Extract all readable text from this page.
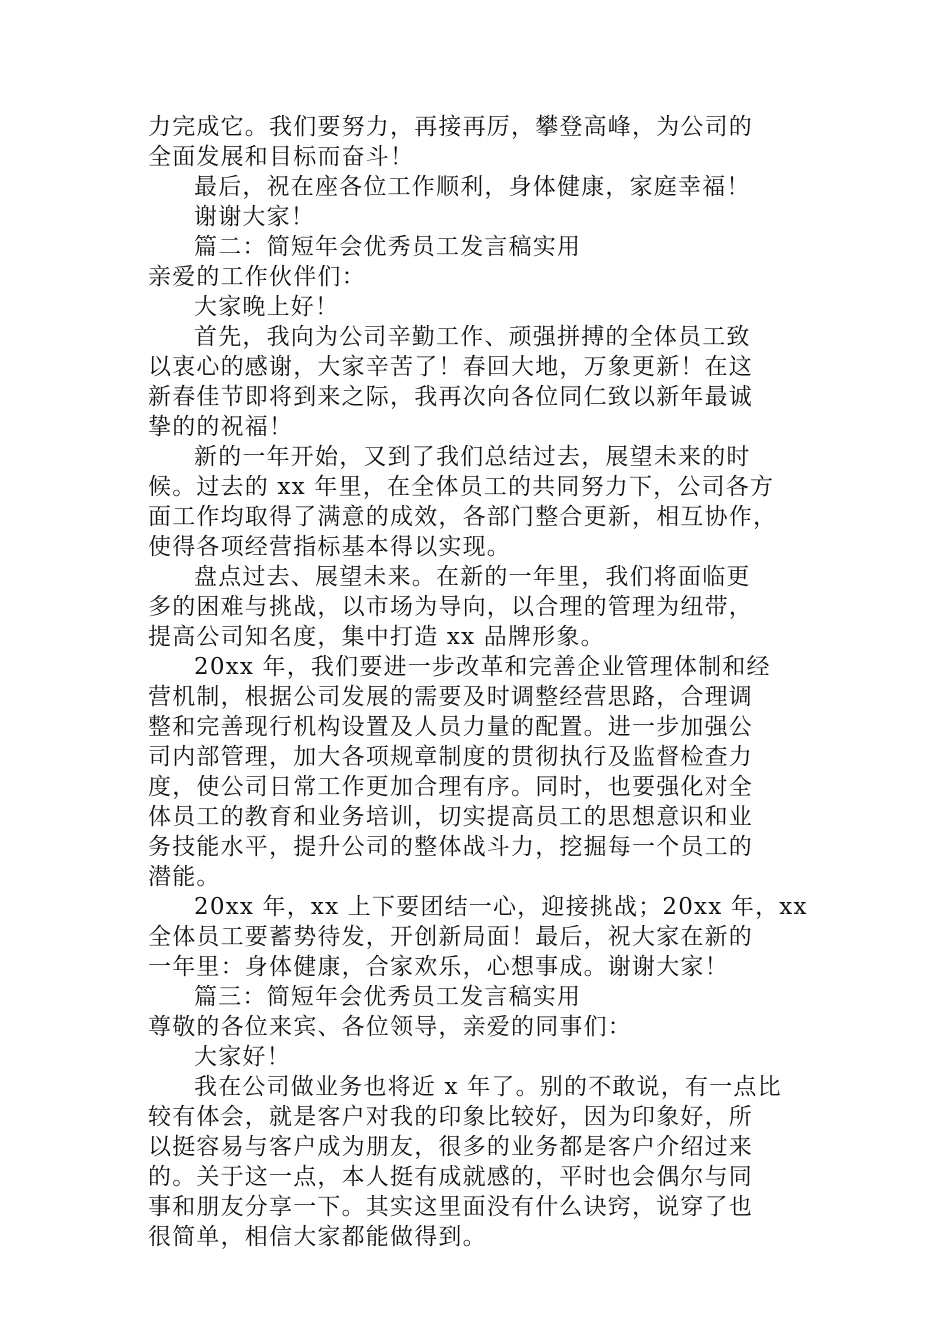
力完成它。我们要努力，再接再厉，攀登高峰，为公司的
全面发展和目标而奋斗！
最后，祝在座各位工作顺利，身体健康，家庭幸福！
谢谢大家！
篇二：简短年会优秀员工发言稿实用
亲爱的工作伙伴们：
大家晚上好！
首先，我向为公司辛勤工作、顽强拼搏的全体员工致
以衷心的感谢，大家辛苦了！春回大地，万象更新！在这
新春佳节即将到来之际，我再次向各位同仁致以新年最诚
挚的的祝福！
新的一年开始，又到了我们总结过去，展望未来的时
候。过去的 xx 年里，在全体员工的共同努力下，公司各方
面工作均取得了满意的成效，各部门整合更新，相互协作，
使得各项经营指标基本得以实现。
盘点过去、展望未来。在新的一年里，我们将面临更
多的困难与挑战，以市场为导向，以合理的管理为纽带，
提高公司知名度，集中打造 xx 品牌形象。
20xx 年，我们要进一步改革和完善企业管理体制和经
营机制，根据公司发展的需要及时调整经营思路，合理调
整和完善现行机构设置及人员力量的配置。进一步加强公
司内部管理，加大各项规章制度的贯彻执行及监督检查力
度，使公司日常工作更加合理有序。同时，也要强化对全
体员工的教育和业务培训，切实提高员工的思想意识和业
务技能水平，提升公司的整体战斗力，挖掘每一个员工的
潜能。
20xx 年，xx 上下要团结一心，迎接挑战；20xx 年，xx
全体员工要蓄势待发，开创新局面！最后，祝大家在新的
一年里：身体健康，合家欢乐，心想事成。谢谢大家！
篇三：简短年会优秀员工发言稿实用
尊敬的各位来宾、各位领导，亲爱的同事们：
大家好！
我在公司做业务也将近 x 年了。别的不敢说，有一点比
较有体会，就是客户对我的印象比较好，因为印象好，所
以挺容易与客户成为朋友，很多的业务都是客户介绍过来
的。关于这一点，本人挺有成就感的，平时也会偶尔与同
事和朋友分享一下。其实这里面没有什么诀窍，说穿了也
很简单，相信大家都能做得到。
